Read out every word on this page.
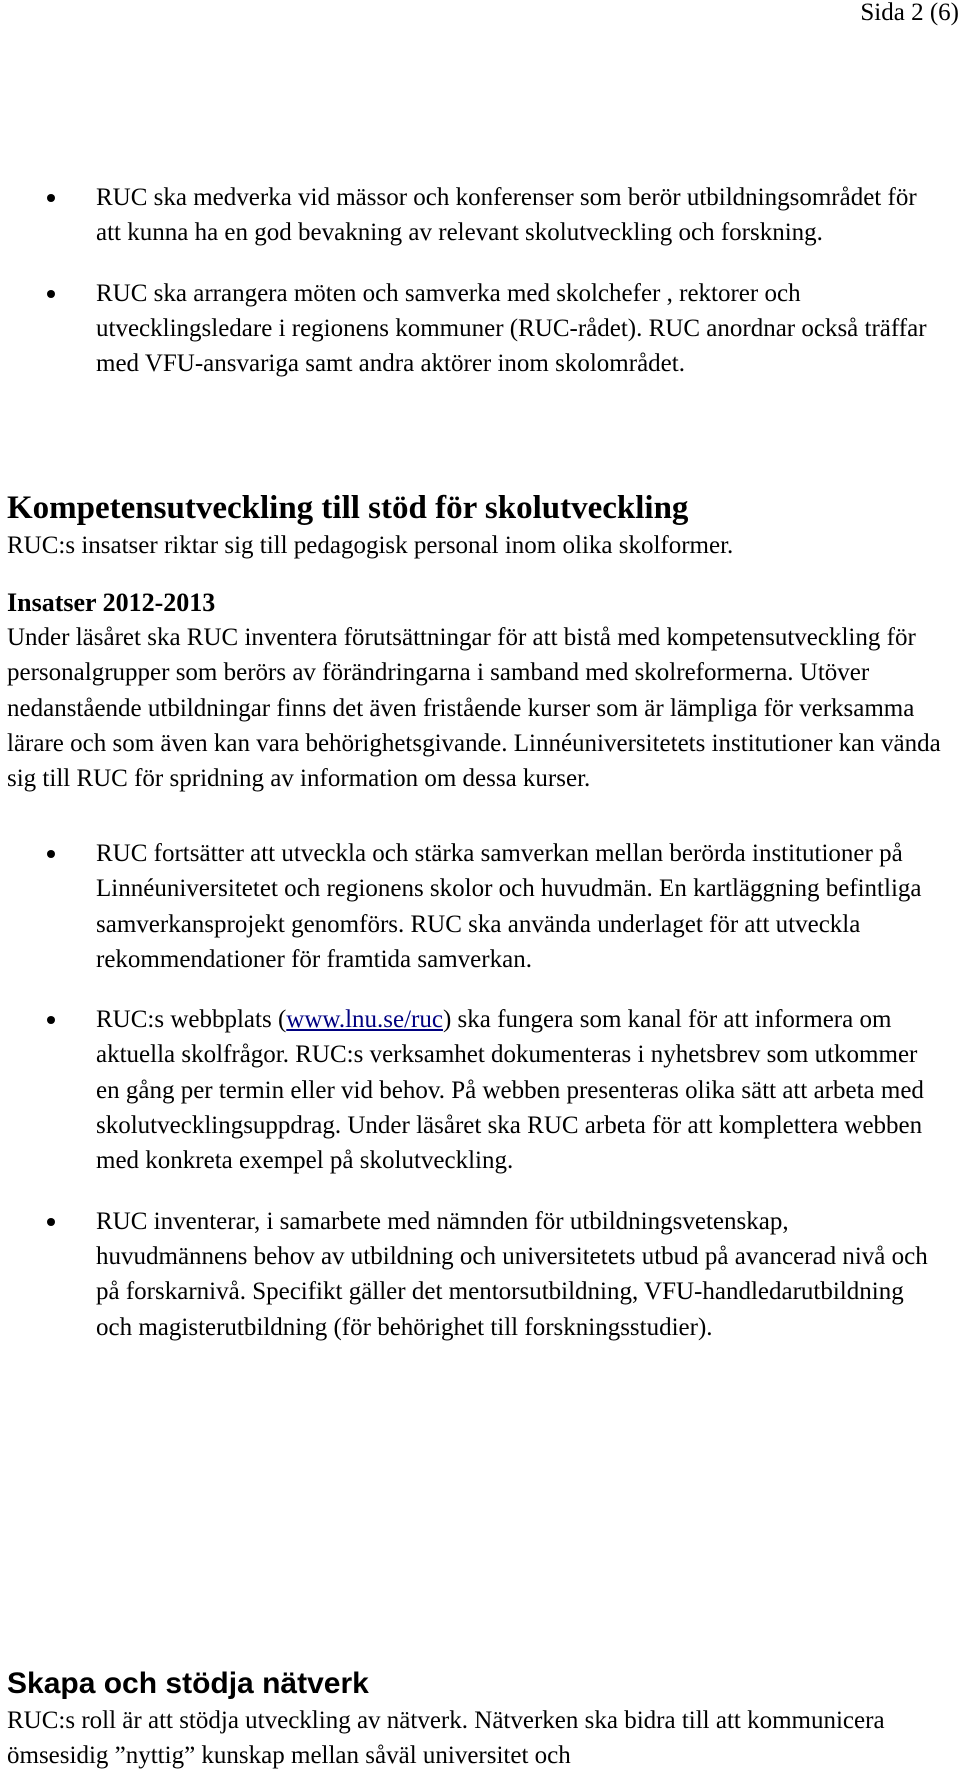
Sida 2 (6)
RUC ska medverka vid mässor och konferenser som berör utbildningsområdet för att kunna ha en god bevakning av relevant skolutveckling och forskning.
RUC ska arrangera möten och samverka med skolchefer , rektorer och utvecklingsledare i regionens kommuner (RUC-rådet). RUC anordnar också träffar med VFU-ansvariga samt andra aktörer inom skolområdet.
Kompetensutveckling till stöd för skolutveckling

RUC:s insatser riktar sig till pedagogisk personal inom olika skolformer.

Insatser 2012-2013

Under läsåret ska RUC inventera förutsättningar för att bistå med kompetensutveckling för personalgrupper som berörs av förändringarna i samband med skolreformerna. Utöver nedanstående utbildningar finns det även fristående kurser som är lämpliga för verksamma lärare och som även kan vara behörighetsgivande. Linnéuniversitetets institutioner kan vända sig till RUC för spridning av information om dessa kurser.

RUC fortsätter att utveckla och stärka samverkan mellan berörda institutioner på Linnéuniversitetet och regionens skolor och huvudmän. En kartläggning befintliga samverkansprojekt genomförs. RUC ska använda underlaget för att utveckla rekommendationer för framtida samverkan.
RUC:s webbplats (www.lnu.se/ruc) ska fungera som kanal för att informera om aktuella skolfrågor. RUC:s verksamhet dokumenteras i nyhetsbrev som utkommer en gång per termin eller vid behov. På webben presenteras olika sätt att arbeta med skolutvecklingsuppdrag. Under läsåret ska RUC arbeta för att komplettera webben med konkreta exempel på skolutveckling.
RUC inventerar, i samarbete med nämnden för utbildningsvetenskap, huvudmännens behov av utbildning och universitetets utbud på avancerad nivå och på forskarnivå. Specifikt gäller det mentorsutbildning, VFU-handledarutbildning och magisterutbildning (för behörighet till forskningsstudier).
Skapa och stödja nätverk

RUC:s roll är att stödja utveckling av nätverk. Nätverken ska bidra till att kommunicera ömsesidig ”nyttig” kunskap mellan såväl universitet och
